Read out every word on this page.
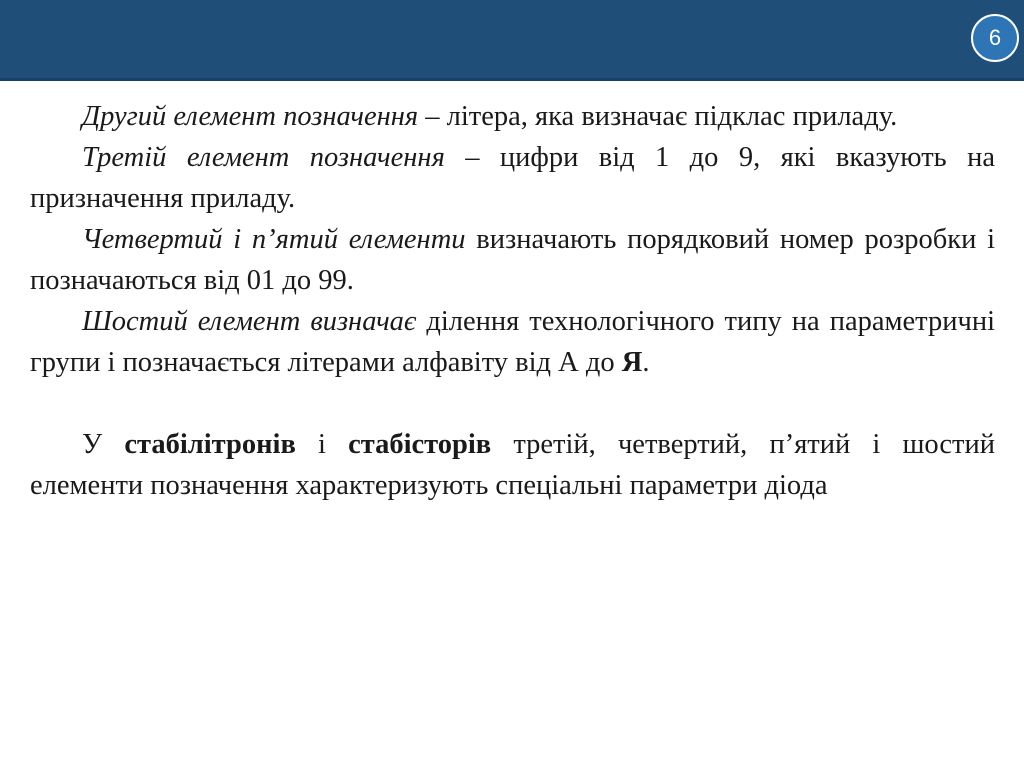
6

Другий елемент позначення – літера, яка визначає підклас приладу.

Третій елемент позначення – цифри від 1 до 9, які вказують на призначення приладу.

Четвертий і п’ятий елементи визначають порядковий номер розробки і позначаються від 01 до 99.

Шостий елемент визначає ділення технологічного типу на параметричні групи і позначається літерами алфавіту від А до Я.

У стабілітронів і стабісторів третій, четвертий, п’ятий і шостий елементи позначення характеризують спеціальні параметри діода
